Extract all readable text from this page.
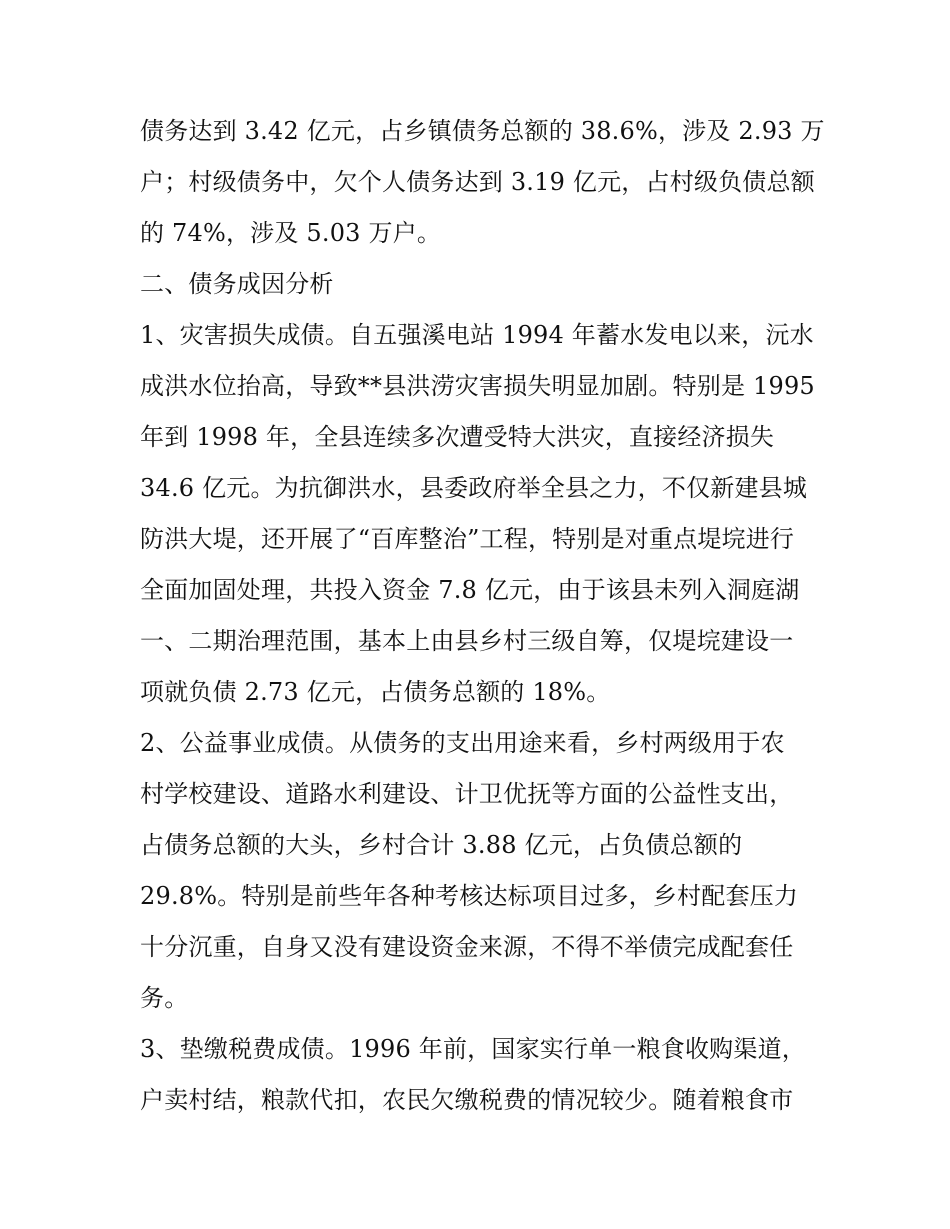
债务达到 3.42 亿元，占乡镇债务总额的 38.6%，涉及 2.93 万
户；村级债务中，欠个人债务达到 3.19 亿元，占村级负债总额
的 74%，涉及 5.03 万户。
二、债务成因分析
1、灾害损失成债。自五强溪电站 1994 年蓄水发电以来，沅水
成洪水位抬高，导致**县洪涝灾害损失明显加剧。特别是 1995
年到 1998 年，全县连续多次遭受特大洪灾，直接经济损失
34.6 亿元。为抗御洪水，县委政府举全县之力，不仅新建县城
防洪大堤，还开展了“百库整治”工程，特别是对重点堤垸进行
全面加固处理，共投入资金 7.8 亿元，由于该县未列入洞庭湖
一、二期治理范围，基本上由县乡村三级自筹，仅堤垸建设一
项就负债 2.73 亿元，占债务总额的 18%。
2、公益事业成债。从债务的支出用途来看，乡村两级用于农
村学校建设、道路水利建设、计卫优抚等方面的公益性支出，
占债务总额的大头，乡村合计 3.88 亿元，占负债总额的
29.8%。特别是前些年各种考核达标项目过多，乡村配套压力
十分沉重，自身又没有建设资金来源，不得不举债完成配套任
务。
3、垫缴税费成债。1996 年前，国家实行单一粮食收购渠道，
户卖村结，粮款代扣，农民欠缴税费的情况较少。随着粮食市
